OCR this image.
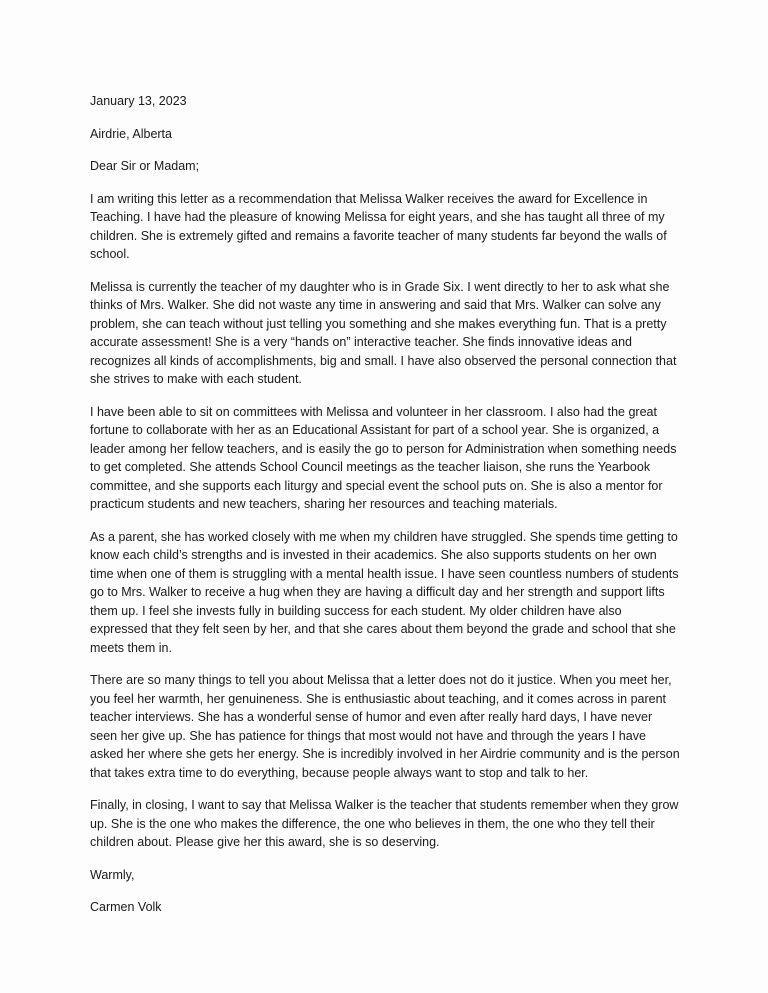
January 13, 2023
Airdrie, Alberta
Dear Sir or Madam;

I am writing this letter as a recommendation that Melissa Walker receives the award for Excellence in Teaching. I have had the pleasure of knowing Melissa for eight years, and she has taught all three of my children. She is extremely gifted and remains a favorite teacher of many students far beyond the walls of school.

Melissa is currently the teacher of my daughter who is in Grade Six. I went directly to her to ask what she thinks of Mrs. Walker. She did not waste any time in answering and said that Mrs. Walker can solve any problem, she can teach without just telling you something and she makes everything fun. That is a pretty accurate assessment! She is a very “hands on” interactive teacher. She finds innovative ideas and recognizes all kinds of accomplishments, big and small. I have also observed the personal connection that she strives to make with each student.

I have been able to sit on committees with Melissa and volunteer in her classroom. I also had the great fortune to collaborate with her as an Educational Assistant for part of a school year. She is organized, a leader among her fellow teachers, and is easily the go to person for Administration when something needs to get completed. She attends School Council meetings as the teacher liaison, she runs the Yearbook committee, and she supports each liturgy and special event the school puts on. She is also a mentor for practicum students and new teachers, sharing her resources and teaching materials.

As a parent, she has worked closely with me when my children have struggled. She spends time getting to know each child’s strengths and is invested in their academics. She also supports students on her own time when one of them is struggling with a mental health issue. I have seen countless numbers of students go to Mrs. Walker to receive a hug when they are having a difficult day and her strength and support lifts them up. I feel she invests fully in building success for each student. My older children have also expressed that they felt seen by her, and that she cares about them beyond the grade and school that she meets them in.

There are so many things to tell you about Melissa that a letter does not do it justice. When you meet her, you feel her warmth, her genuineness. She is enthusiastic about teaching, and it comes across in parent teacher interviews. She has a wonderful sense of humor and even after really hard days, I have never seen her give up. She has patience for things that most would not have and through the years I have asked her where she gets her energy. She is incredibly involved in her Airdrie community and is the person that takes extra time to do everything, because people always want to stop and talk to her.

Finally, in closing, I want to say that Melissa Walker is the teacher that students remember when they grow up. She is the one who makes the difference, the one who believes in them, the one who they tell their children about. Please give her this award, she is so deserving.

Warmly,
Carmen Volk
